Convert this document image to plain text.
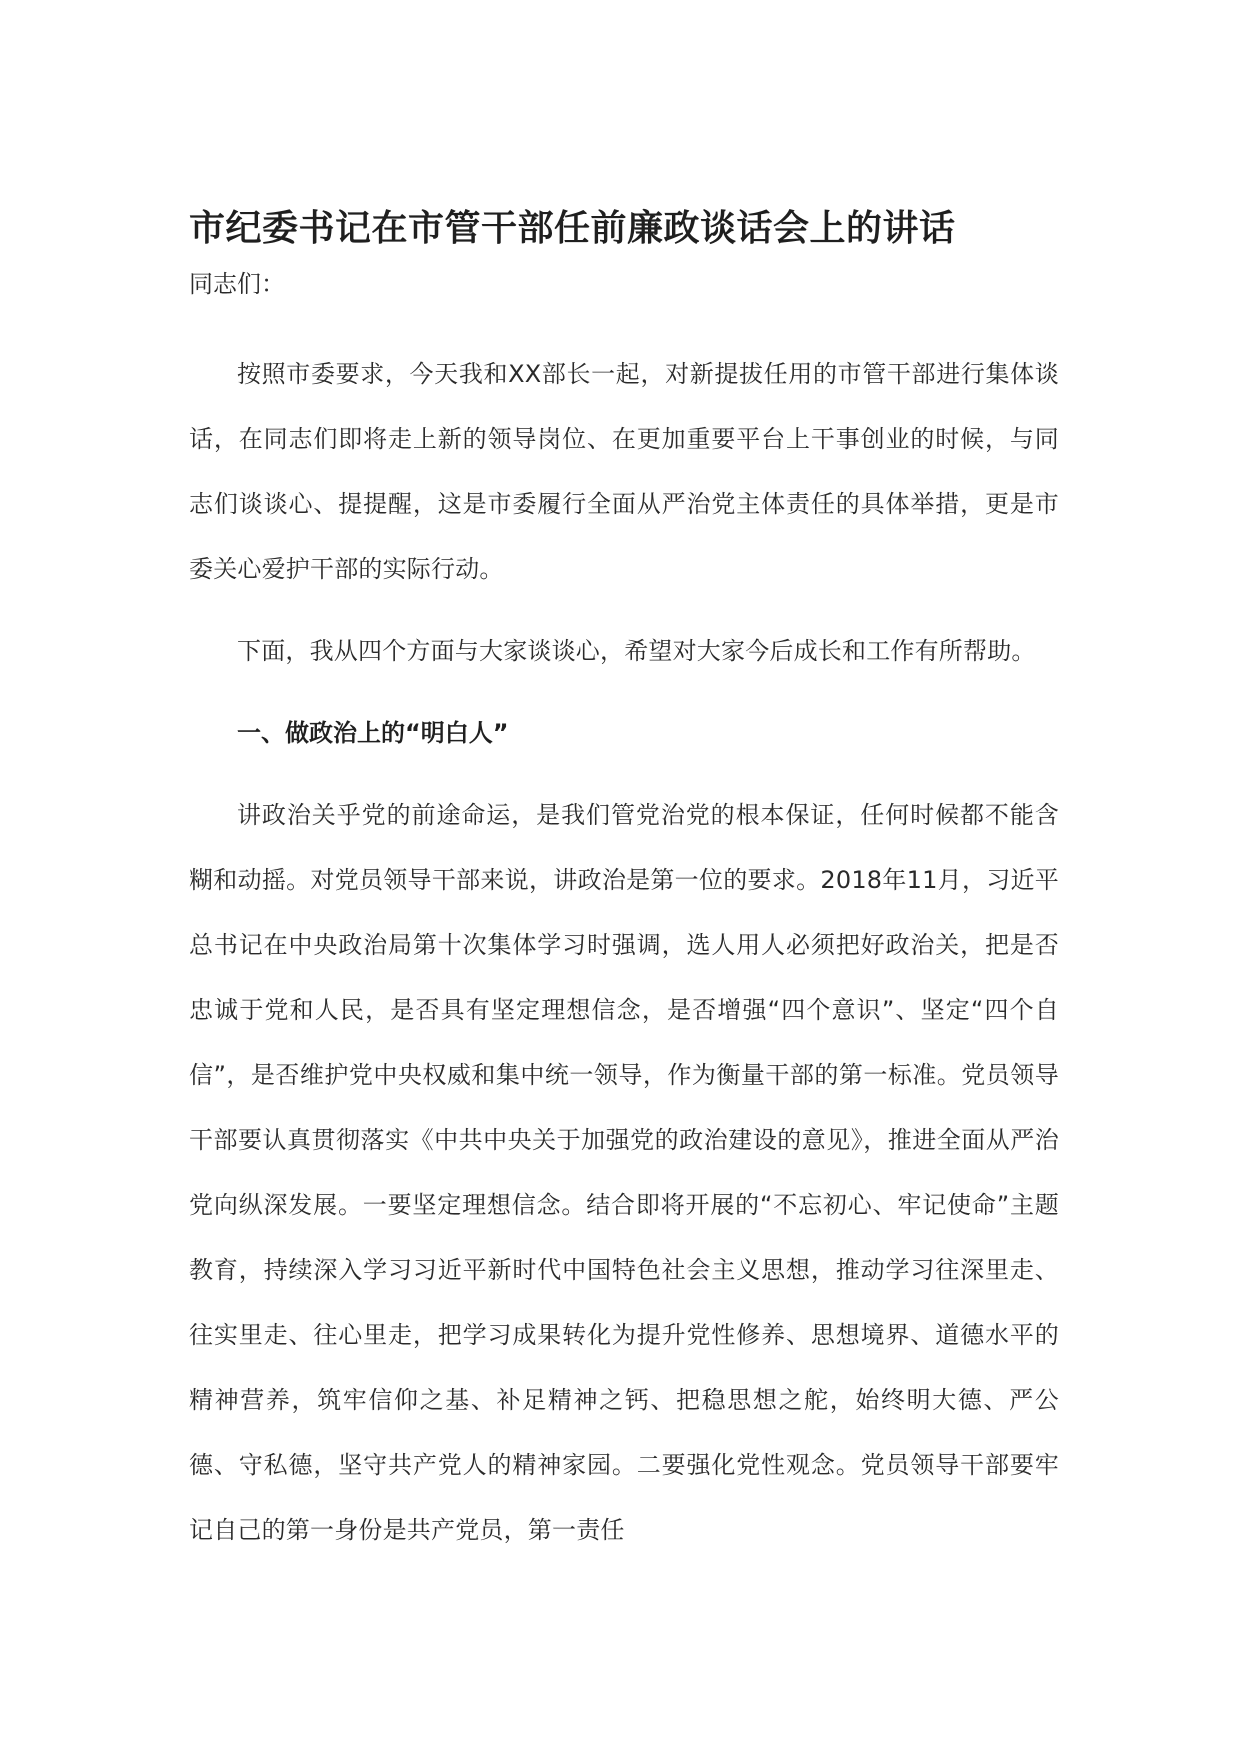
市纪委书记在市管干部任前廉政谈话会上的讲话

同志们：

按照市委要求，今天我和XX部长一起，对新提拔任用的市管干部进行集体谈话，在同志们即将走上新的领导岗位、在更加重要平台上干事创业的时候，与同志们谈谈心、提提醒，这是市委履行全面从严治党主体责任的具体举措，更是市委关心爱护干部的实际行动。

下面，我从四个方面与大家谈谈心，希望对大家今后成长和工作有所帮助。

一、做政治上的“明白人”

讲政治关乎党的前途命运，是我们管党治党的根本保证，任何时候都不能含糊和动摇。对党员领导干部来说，讲政治是第一位的要求。2018年11月，习近平总书记在中央政治局第十次集体学习时强调，选人用人必须把好政治关，把是否忠诚于党和人民，是否具有坚定理想信念，是否增强“四个意识”、坚定“四个自信”，是否维护党中央权威和集中统一领导，作为衡量干部的第一标准。党员领导干部要认真贯彻落实《中共中央关于加强党的政治建设的意见》，推进全面从严治党向纵深发展。一要坚定理想信念。结合即将开展的“不忘初心、牢记使命”主题教育，持续深入学习习近平新时代中国特色社会主义思想，推动学习往深里走、往实里走、往心里走，把学习成果转化为提升党性修养、思想境界、道德水平的精神营养，筑牢信仰之基、补足精神之钙、把稳思想之舵，始终明大德、严公德、守私德，坚守共产党人的精神家园。二要强化党性观念。党员领导干部要牢记自己的第一身份是共产党员，第一责任
